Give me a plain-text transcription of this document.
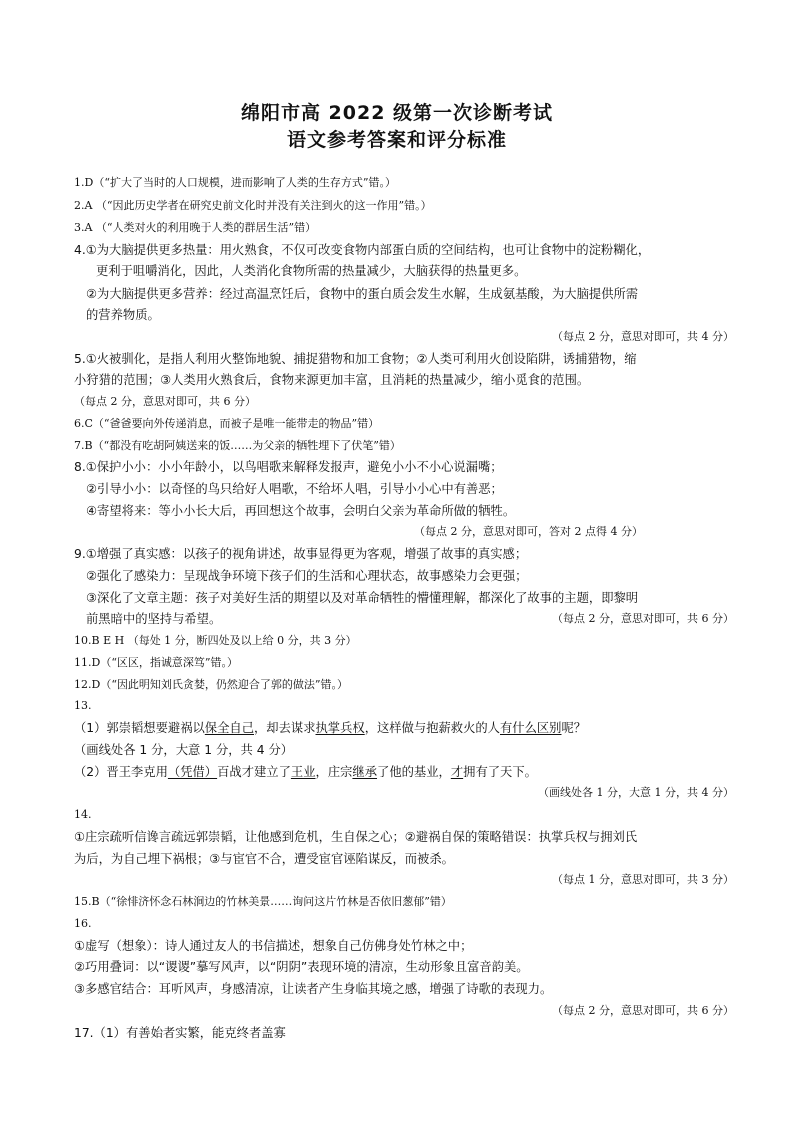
绵阳市高 2022 级第一次诊断考试
语文参考答案和评分标准
1.D（“扩大了当时的人口规模，进而影响了人类的生存方式”错。）
2.A （“因此历史学者在研究史前文化时并没有关注到火的这一作用”错。）
3.A （“人类对火的利用晚于人类的群居生活”错）
4.①为大脑提供更多热量：用火熟食，不仅可改变食物内部蛋白质的空间结构，也可让食物中的淀粉糊化，
更利于咀嚼消化，因此，人类消化食物所需的热量减少，大脑获得的热量更多。
②为大脑提供更多营养：经过高温烹饪后，食物中的蛋白质会发生水解，生成氨基酸，为大脑提供所需
的营养物质。
（每点 2 分，意思对即可，共 4 分）
5.①火被驯化，是指人利用火整饰地貌、捕捉猎物和加工食物；②人类可利用火创设陷阱，诱捕猎物，缩
小狩猎的范围；③人类用火熟食后，食物来源更加丰富，且消耗的热量减少，缩小觅食的范围。
（每点 2 分，意思对即可，共 6 分）
6.C（“爸爸要向外传递消息，而被子是唯一能带走的物品”错）
7.B（“都没有吃胡阿姨送来的饭……为父亲的牺牲埋下了伏笔”错）
8.①保护小小：小小年龄小，以鸟唱歌来解释发报声，避免小小不小心说漏嘴；
②引导小小：以奇怪的鸟只给好人唱歌，不给坏人唱，引导小小心中有善恶；
④寄望将来：等小小长大后，再回想这个故事，会明白父亲为革命所做的牺牲。
（每点 2 分，意思对即可，答对 2 点得 4 分）
9.①增强了真实感：以孩子的视角讲述，故事显得更为客观，增强了故事的真实感；
②强化了感染力：呈现战争环境下孩子们的生活和心理状态，故事感染力会更强；
③深化了文章主题：孩子对美好生活的期望以及对革命牺牲的懵懂理解，都深化了故事的主题，即黎明
前黑暗中的坚持与希望。	（每点 2 分，意思对即可，共 6 分）
10.B E H （每处 1 分，断四处及以上给 0 分，共 3 分）
11.D（“区区，指诚意深笃”错。）
12.D（“因此明知刘氏贪婪，仍然迎合了郭的做法”错。）
13.
（1）郭崇韬想要避祸以保全自己，却去谋求执掌兵权，这样做与抱薪救火的人有什么区别呢？
（画线处各 1 分，大意 1 分，共 4 分）
（2）晋王李克用（凭借）百战才建立了王业，庄宗继承了他的基业，才拥有了天下。
（画线处各 1 分，大意 1 分，共 4 分）
14.
①庄宗疏听信谗言疏远郭崇韬，让他感到危机，生自保之心；②避祸自保的策略错误：执掌兵权与拥刘氏
为后，为自己埋下祸根；③与宦官不合，遭受宦官诬陷谋反，而被杀。
（每点 1 分，意思对即可，共 3 分）
15.B（“徐悱济怀念石林涧边的竹林美景……询问这片竹林是否依旧葱郁”错）
16.
①虚写（想象）：诗人通过友人的书信描述，想象自己仿佛身处竹林之中；
②巧用叠词：以“谡谡”摹写风声，以“阴阴”表现环境的清凉，生动形象且富音韵美。
③多感官结合：耳听风声，身感清凉，让读者产生身临其境之感，增强了诗歌的表现力。
（每点 2 分，意思对即可，共 6 分）
17.（1）有善始者实繁，能克终者盖寡
